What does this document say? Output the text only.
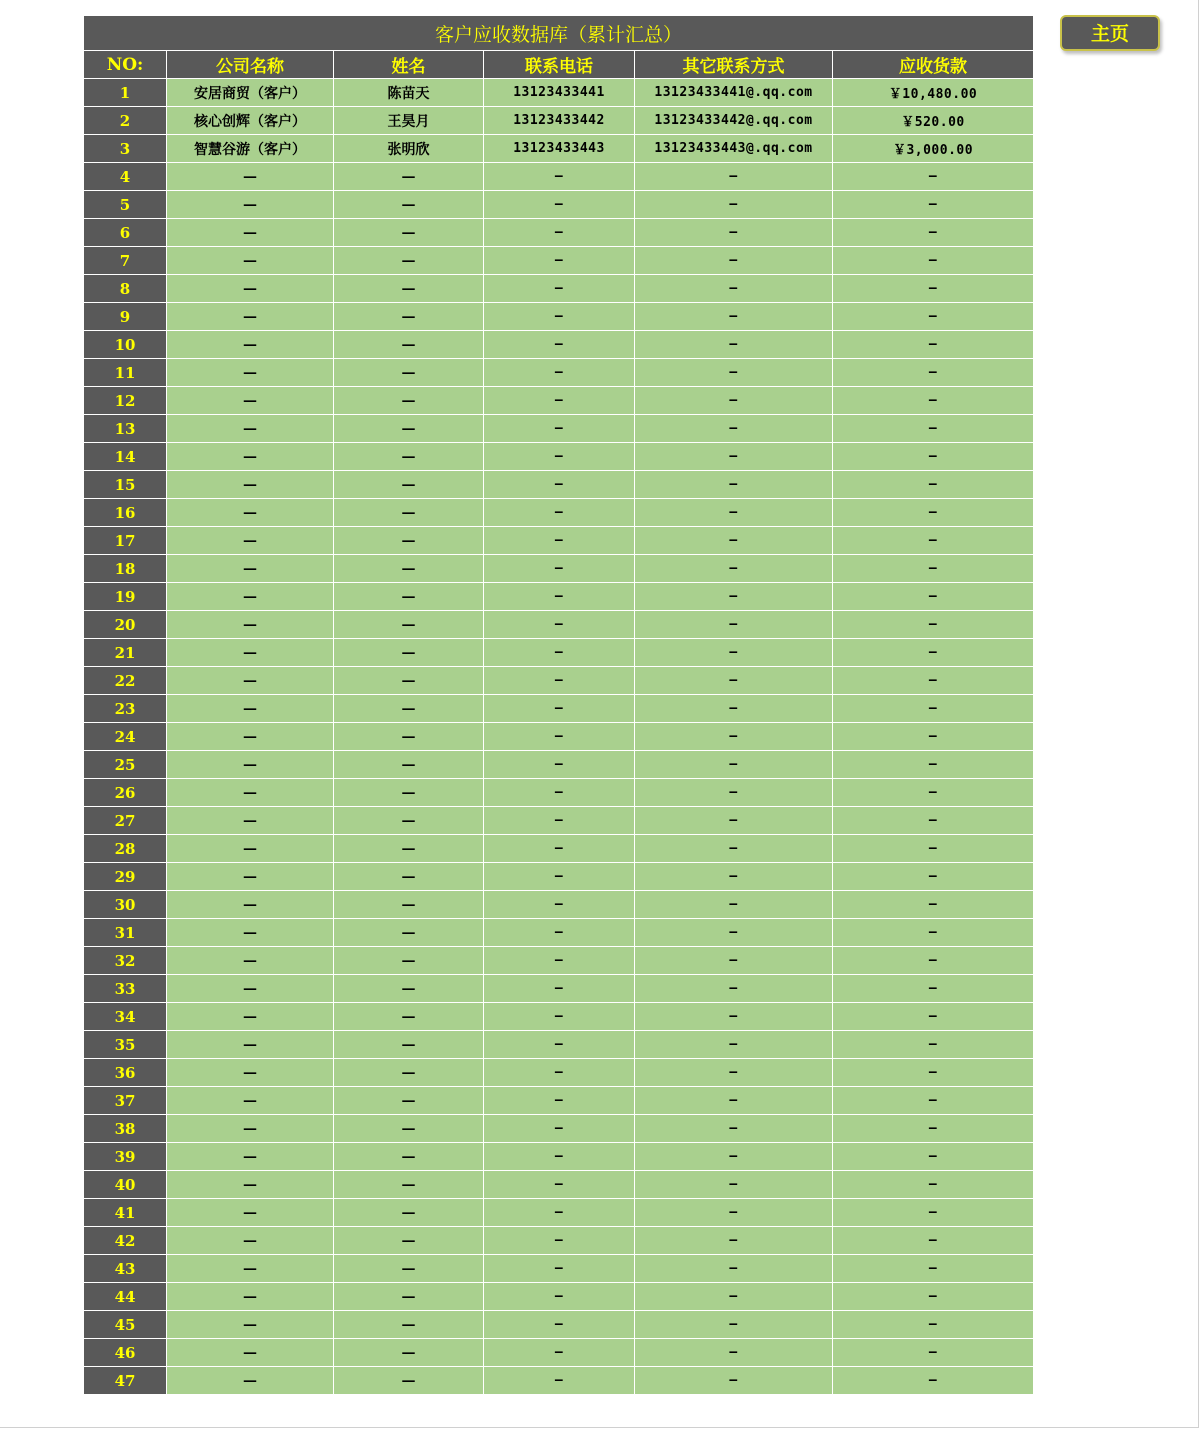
客户应收数据库（累计汇总）					
NO:	公司名称	姓名	联系电话	其它联系方式	应收货款
1	安居商贸（客户）	陈苗天	13123433441	13123433441@.qq.com	￥10,480.00
2	核心创辉（客户）	王昊月	13123433442	13123433442@.qq.com	￥520.00
3	智慧谷游（客户）	张明欣	13123433443	13123433443@.qq.com	￥3,000.00
4	—	—	—	—	—
5	—	—	—	—	—
6	—	—	—	—	—
7	—	—	—	—	—
8	—	—	—	—	—
9	—	—	—	—	—
10	—	—	—	—	—
11	—	—	—	—	—
12	—	—	—	—	—
13	—	—	—	—	—
14	—	—	—	—	—
15	—	—	—	—	—
16	—	—	—	—	—
17	—	—	—	—	—
18	—	—	—	—	—
19	—	—	—	—	—
20	—	—	—	—	—
21	—	—	—	—	—
22	—	—	—	—	—
23	—	—	—	—	—
24	—	—	—	—	—
25	—	—	—	—	—
26	—	—	—	—	—
27	—	—	—	—	—
28	—	—	—	—	—
29	—	—	—	—	—
30	—	—	—	—	—
31	—	—	—	—	—
32	—	—	—	—	—
33	—	—	—	—	—
34	—	—	—	—	—
35	—	—	—	—	—
36	—	—	—	—	—
37	—	—	—	—	—
38	—	—	—	—	—
39	—	—	—	—	—
40	—	—	—	—	—
41	—	—	—	—	—
42	—	—	—	—	—
43	—	—	—	—	—
44	—	—	—	—	—
45	—	—	—	—	—
46	—	—	—	—	—
47	—	—	—	—	—
主页
